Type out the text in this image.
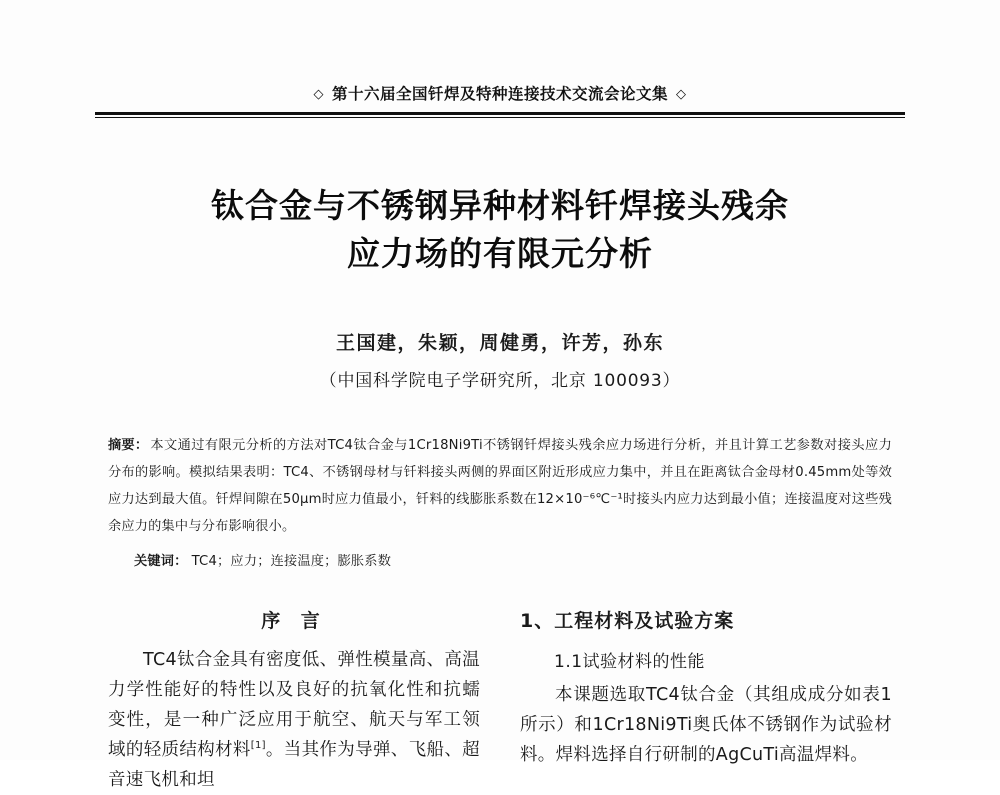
◇ 第十六届全国钎焊及特种连接技术交流会论文集 ◇
钛合金与不锈钢异种材料钎焊接头残余
应力场的有限元分析
王国建，朱颖，周健勇，许芳，孙东
（中国科学院电子学研究所，北京 100093）
摘要： 本文通过有限元分析的方法对TC4钛合金与1Cr18Ni9Ti不锈钢钎焊接头残余应力场进行分析，并且计算工艺参数对接头应力分布的影响。模拟结果表明：TC4、不锈钢母材与钎料接头两侧的界面区附近形成应力集中，并且在距离钛合金母材0.45mm处等效应力达到最大值。钎焊间隙在50μm时应力值最小，钎料的线膨胀系数在12×10⁻⁶℃⁻¹时接头内应力达到最小值；连接温度对这些残余应力的集中与分布影响很小。
关键词： TC4；应力；连接温度；膨胀系数
序 言

TC4钛合金具有密度低、弹性模量高、高温力学性能好的特性以及良好的抗氧化性和抗蠕变性，是一种广泛应用于航空、航天与军工领域的轻质结构材料[1]。当其作为导弹、飞船、超音速飞机和坦

1、工程材料及试验方案
1.1试验材料的性能

本课题选取TC4钛合金（其组成成分如表1所示）和1Cr18Ni9Ti奥氏体不锈钢作为试验材料。焊料选择自行研制的AgCuTi高温焊料。
